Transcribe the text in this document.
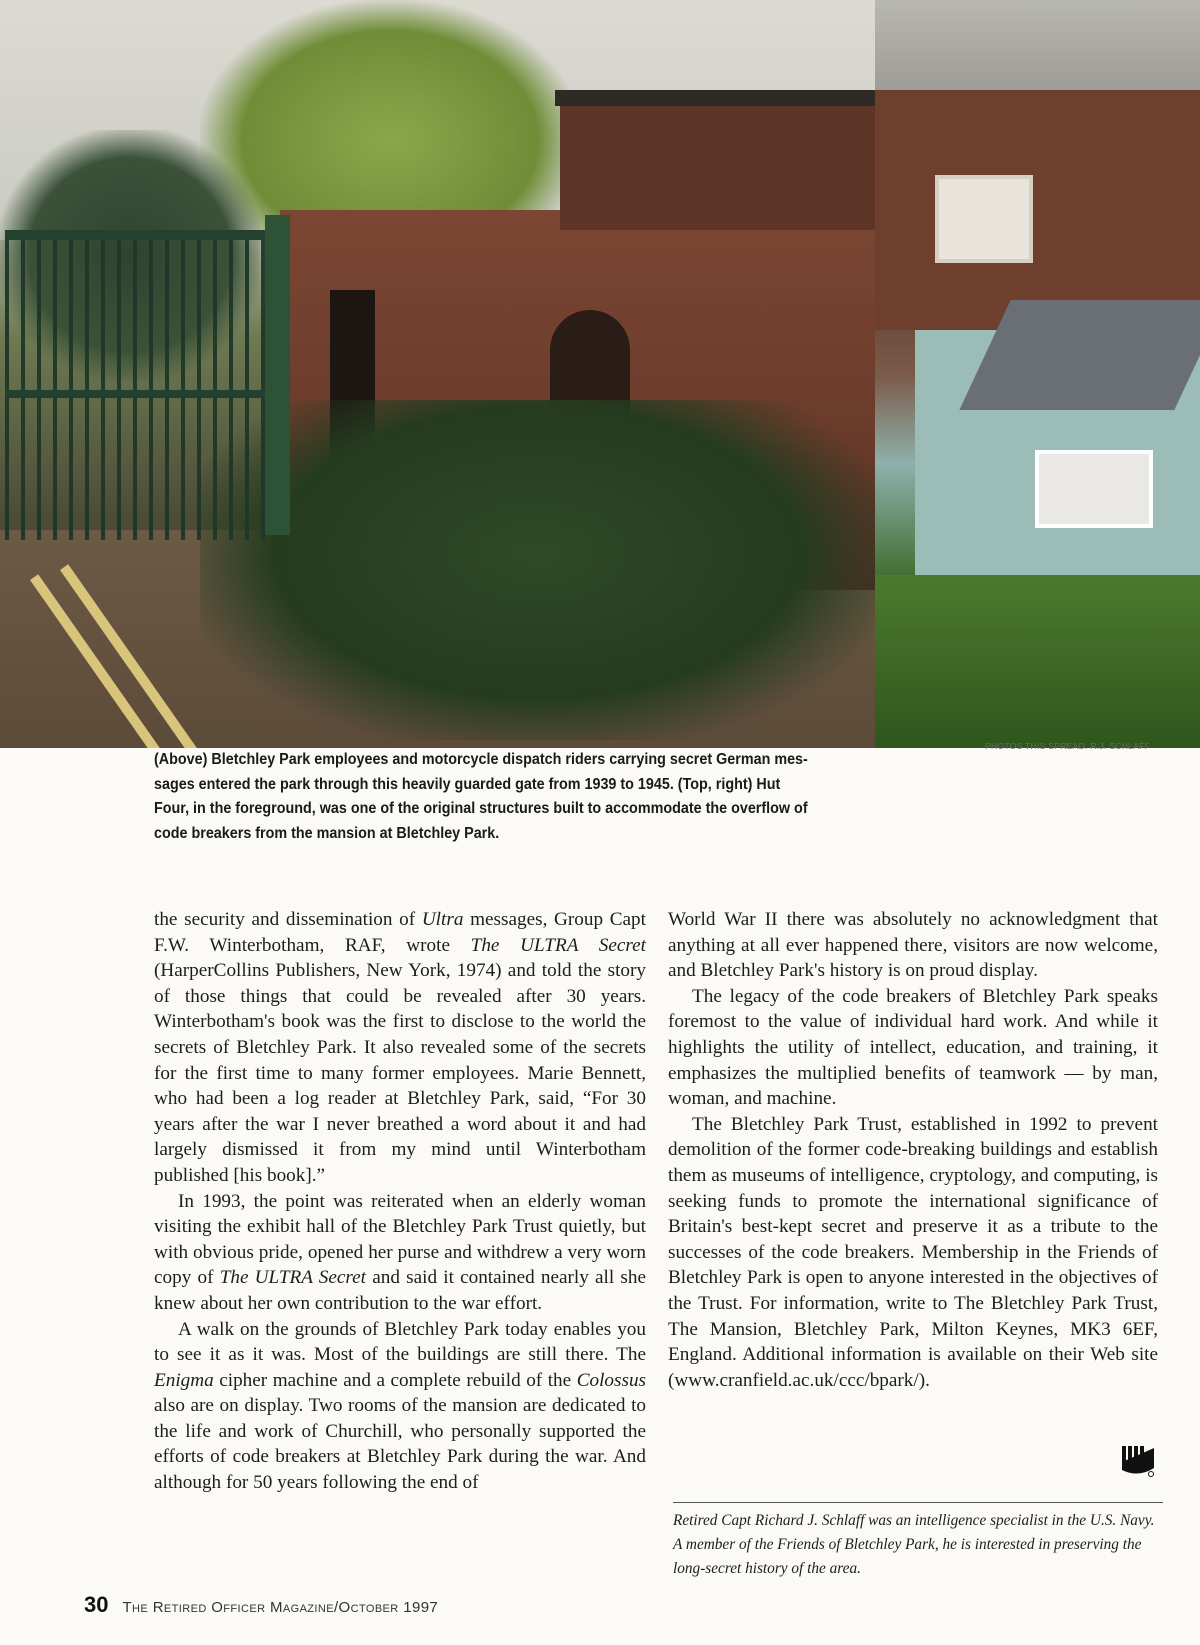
PHOTOS THIS SPREAD: R.J. SCHLAFF
(Above) Bletchley Park employees and motorcycle dispatch riders carrying secret German mes- sages entered the park through this heavily guarded gate from 1939 to 1945. (Top, right) Hut Four, in the foreground, was one of the original structures built to accommodate the overflow of code breakers from the mansion at Bletchley Park.

the security and dissemination of Ultra messages, Group Capt F.W. Winterbotham, RAF, wrote The ULTRA Secret (HarperCollins Publishers, New York, 1974) and told the story of those things that could be revealed after 30 years. Winterbotham's book was the first to disclose to the world the secrets of Bletchley Park. It also revealed some of the secrets for the first time to many former employees. Marie Bennett, who had been a log reader at Bletchley Park, said, “For 30 years after the war I never breathed a word about it and had largely dismissed it from my mind until Winterbotham published [his book].”

In 1993, the point was reiterated when an elderly woman visiting the exhibit hall of the Bletchley Park Trust quietly, but with obvious pride, opened her purse and withdrew a very worn copy of The ULTRA Secret and said it contained nearly all she knew about her own contribution to the war effort.

A walk on the grounds of Bletchley Park today enables you to see it as it was. Most of the buildings are still there. The Enigma cipher machine and a complete rebuild of the Colossus also are on display. Two rooms of the mansion are dedicated to the life and work of Churchill, who personally supported the efforts of code breakers at Bletchley Park during the war. And although for 50 years following the end of

World War II there was absolutely no acknowledgment that anything at all ever happened there, visitors are now welcome, and Bletchley Park's history is on proud display.

The legacy of the code breakers of Bletchley Park speaks foremost to the value of individual hard work. And while it highlights the utility of intellect, education, and training, it emphasizes the multiplied benefits of teamwork — by man, woman, and machine.

The Bletchley Park Trust, established in 1992 to prevent demolition of the former code-breaking buildings and establish them as museums of intelligence, cryptology, and computing, is seeking funds to promote the international significance of Britain's best-kept secret and preserve it as a tribute to the successes of the code breakers. Membership in the Friends of Bletchley Park is open to anyone interested in the objectives of the Trust. For information, write to The Bletchley Park Trust, The Mansion, Bletchley Park, Milton Keynes, MK3 6EF, England. Additional information is available on their Web site (www.cranfield.ac.uk/ccc/bpark/).

Retired Capt Richard J. Schlaff was an intelligence specialist in the U.S. Navy. A member of the Friends of Bletchley Park, he is interested in preserving the long-secret history of the area.
30 The Retired Officer Magazine/October 1997
